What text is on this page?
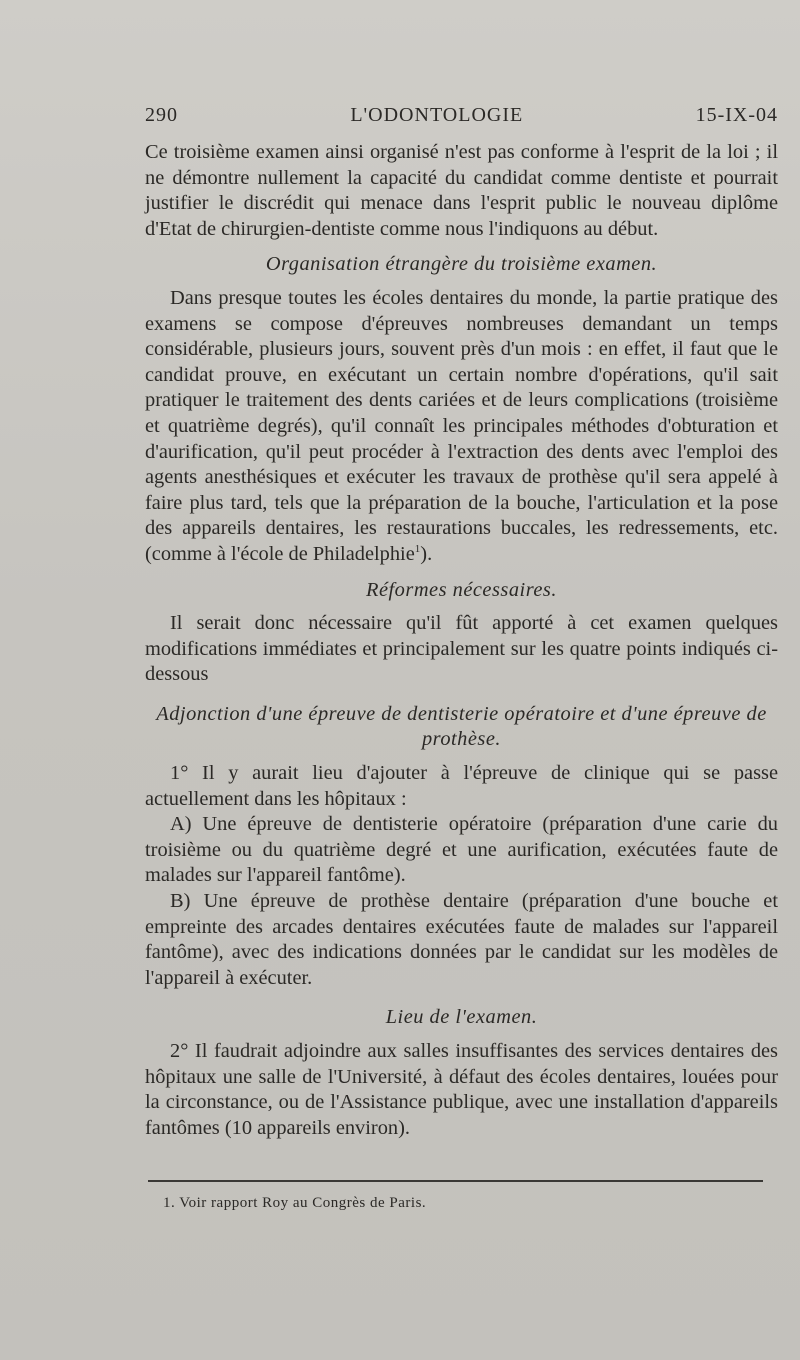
290	L'ODONTOLOGIE	15-IX-04

Ce troisième examen ainsi organisé n'est pas conforme à l'esprit de la loi ; il ne démontre nullement la capacité du candidat comme dentiste et pourrait justifier le discrédit qui menace dans l'esprit public le nouveau diplôme d'Etat de chirurgien-dentiste comme nous l'indiquons au début.

Organisation étrangère du troisième examen.

Dans presque toutes les écoles dentaires du monde, la partie pratique des examens se compose d'épreuves nombreuses demandant un temps considérable, plusieurs jours, souvent près d'un mois : en effet, il faut que le candidat prouve, en exécutant un certain nombre d'opérations, qu'il sait pratiquer le traitement des dents cariées et de leurs complications (troisième et quatrième degrés), qu'il connaît les principales méthodes d'obturation et d'aurification, qu'il peut procéder à l'extraction des dents avec l'emploi des agents anesthésiques et exécuter les travaux de prothèse qu'il sera appelé à faire plus tard, tels que la préparation de la bouche, l'articulation et la pose des appareils dentaires, les restaurations buccales, les redressements, etc. (comme à l'école de Philadelphie$^1$).

Réformes nécessaires.

Il serait donc nécessaire qu'il fût apporté à cet examen quelques modifications immédiates et principalement sur les quatre points indiqués ci-dessous

Adjonction d'une épreuve de dentisterie opératoire et d'une épreuve de prothèse.

1° Il y aurait lieu d'ajouter à l'épreuve de clinique qui se passe actuellement dans les hôpitaux :

A) Une épreuve de dentisterie opératoire (préparation d'une carie du troisième ou du quatrième degré et une aurification, exécutées faute de malades sur l'appareil fantôme).

B) Une épreuve de prothèse dentaire (préparation d'une bouche et empreinte des arcades dentaires exécutées faute de malades sur l'appareil fantôme), avec des indications données par le candidat sur les modèles de l'appareil à exécuter.

Lieu de l'examen.

2° Il faudrait adjoindre aux salles insuffisantes des services dentaires des hôpitaux une salle de l'Université, à défaut des écoles dentaires, louées pour la circonstance, ou de l'Assistance publique, avec une installation d'appareils fantômes (10 appareils environ).

1. Voir rapport Roy au Congrès de Paris.
